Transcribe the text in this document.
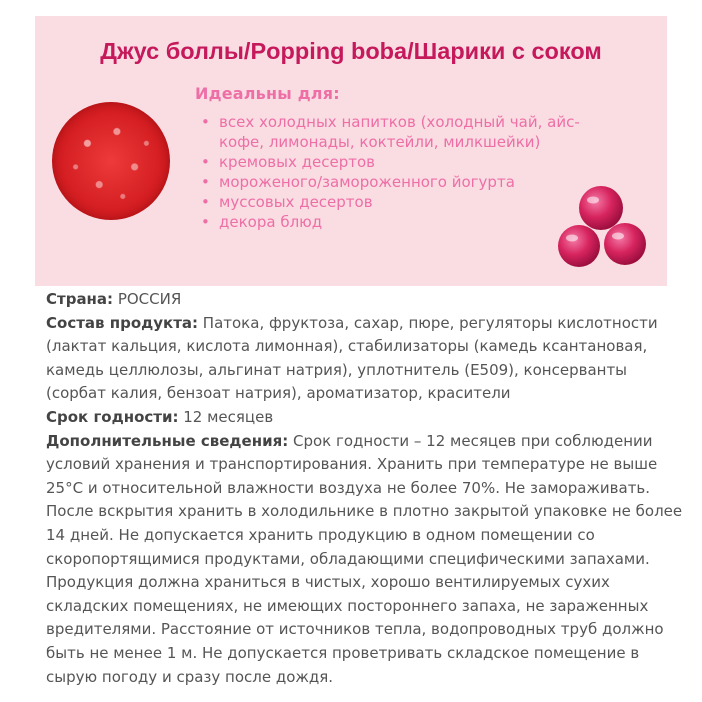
Джус боллы/Popping boba/Шарики с соком
Идеальны для:
• всех холодных напитков (холодный чай, айс-
кофе, лимонады, коктейли, милкшейки)
• кремовых десертов
• мороженого/замороженного йогурта
• муссовых десертов
• декора блюд

Страна: РОССИЯ

Состав продукта: Патока, фруктоза, сахар, пюре, регуляторы кислотности (лактат кальция, кислота лимонная), стабилизаторы (камедь ксантановая, камедь целлюлозы, альгинат натрия), уплотнитель (Е509), консерванты (сорбат калия, бензоат натрия), ароматизатор, красители

Срок годности: 12 месяцев

Дополнительные сведения: Срок годности – 12 месяцев при соблюдении условий хранения и транспортирования. Хранить при температуре не выше 25°C и относительной влажности воздуха не более 70%. Не замораживать. После вскрытия хранить в холодильнике в плотно закрытой упаковке не более 14 дней. Не допускается хранить продукцию в одном помещении со скоропортящимися продуктами, обладающими специфическими запахами. Продукция должна храниться в чистых, хорошо вентилируемых сухих складских помещениях, не имеющих постороннего запаха, не зараженных вредителями. Расстояние от источников тепла, водопроводных труб должно быть не менее 1 м. Не допускается проветривать складское помещение в сырую погоду и сразу после дождя.
